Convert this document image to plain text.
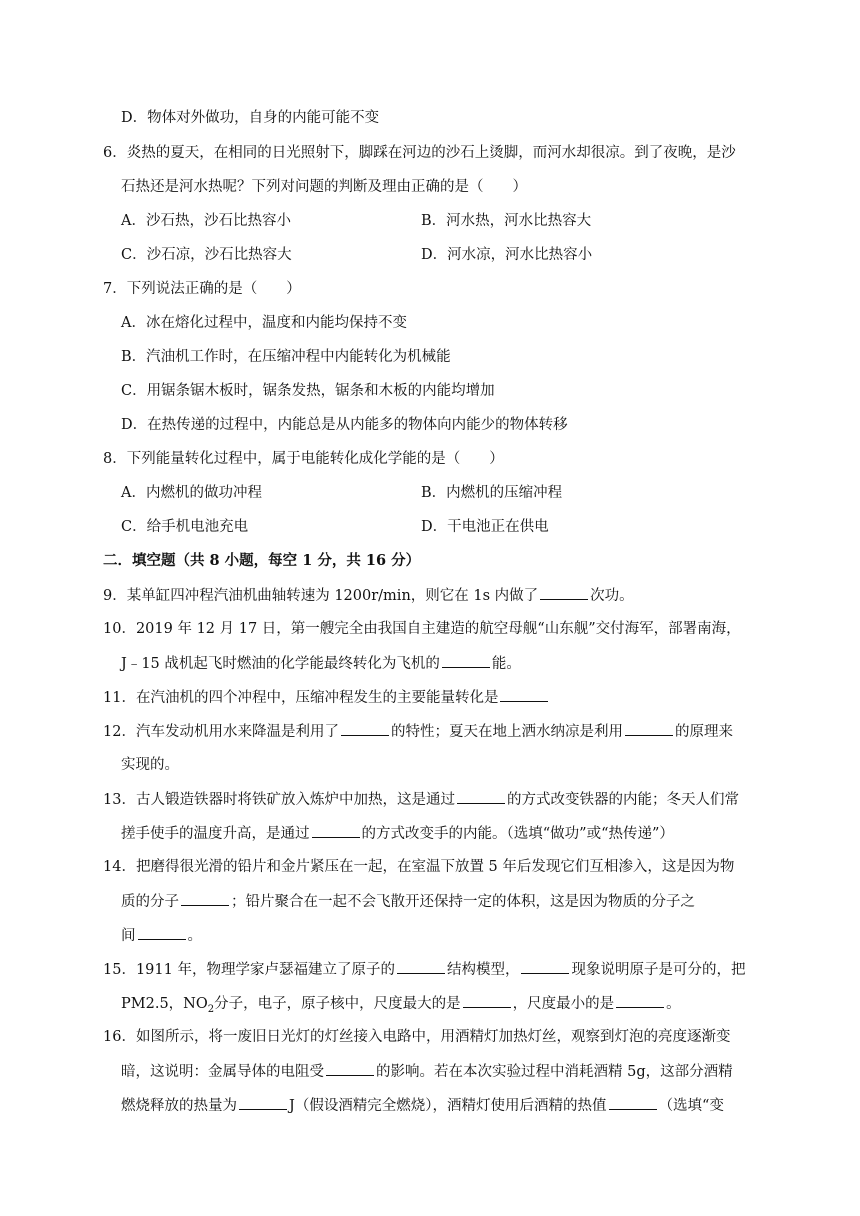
D．物体对外做功，自身的内能可能不变
6．炎热的夏天，在相同的日光照射下，脚踩在河边的沙石上烫脚，而河水却很凉。到了夜晚，是沙
石热还是河水热呢？下列对问题的判断及理由正确的是（　　）
A．沙石热，沙石比热容小	B．河水热，河水比热容大
C．沙石凉，沙石比热容大	D．河水凉，河水比热容小
7．下列说法正确的是（　　）
A．冰在熔化过程中，温度和内能均保持不变
B．汽油机工作时，在压缩冲程中内能转化为机械能
C．用锯条锯木板时，锯条发热，锯条和木板的内能均增加
D．在热传递的过程中，内能总是从内能多的物体向内能少的物体转移
8．下列能量转化过程中，属于电能转化成化学能的是（　　）
A．内燃机的做功冲程	B．内燃机的压缩冲程
C．给手机电池充电	D．干电池正在供电
二．填空题（共 8 小题，每空 1 分，共 16 分）
9．某单缸四冲程汽油机曲轴转速为 1200r/min，则它在 1s 内做了	次功。
10．2019 年 12 月 17 日，第一艘完全由我国自主建造的航空母舰“山东舰”交付海军，部署南海，
J﹣15 战机起飞时燃油的化学能最终转化为飞机的	能。
11．在汽油机的四个冲程中，压缩冲程发生的主要能量转化是
12．汽车发动机用水来降温是利用了	的特性；夏天在地上洒水纳凉是利用	的原理来
实现的。
13．古人锻造铁器时将铁矿放入炼炉中加热，这是通过	的方式改变铁器的内能；冬天人们常
搓手使手的温度升高，是通过	的方式改变手的内能。（选填“做功”或“热传递”）
14．把磨得很光滑的铅片和金片紧压在一起，在室温下放置 5 年后发现它们互相渗入，这是因为物
质的分子	；铅片聚合在一起不会飞散开还保持一定的体积，这是因为物质的分子之
间	。
15．1911 年，物理学家卢瑟福建立了原子的	结构模型，	现象说明原子是可分的，把
PM2.5，$NO_2$分子，电子，原子核中，尺度最大的是	，尺度最小的是	。
16．如图所示，将一废旧日光灯的灯丝接入电路中，用酒精灯加热灯丝，观察到灯泡的亮度逐渐变
暗，这说明：金属导体的电阻受	的影响。若在本次实验过程中消耗酒精 5g，这部分酒精
燃烧释放的热量为	J（假设酒精完全燃烧），酒精灯使用后酒精的热值	（选填“变
